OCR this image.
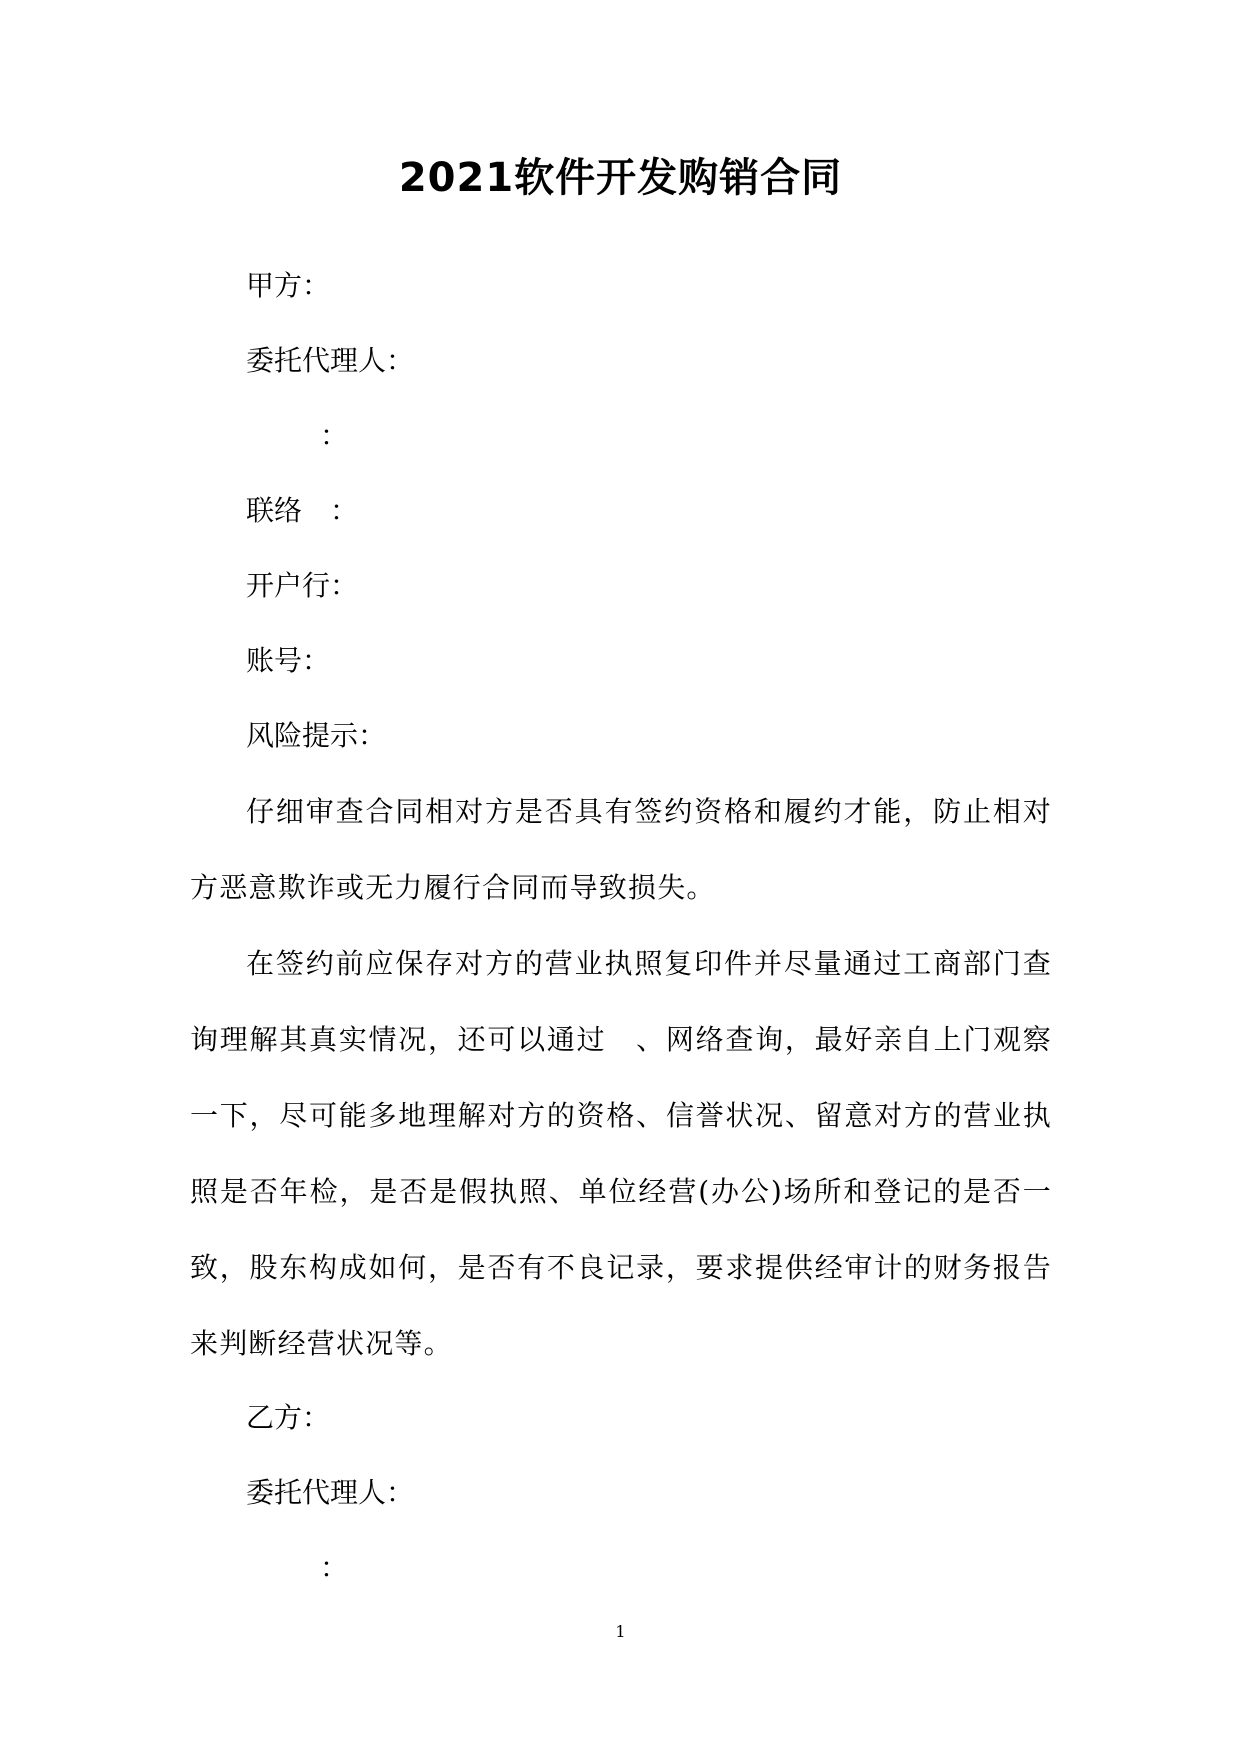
2021软件开发购销合同
甲方：
委托代理人：
：
联络　：
开户行：
账号：
风险提示：
仔细审查合同相对方是否具有签约资格和履约才能，防止相对方恶意欺诈或无力履行合同而导致损失。
在签约前应保存对方的营业执照复印件并尽量通过工商部门查询理解其真实情况，还可以通过　、网络查询，最好亲自上门观察一下，尽可能多地理解对方的资格、信誉状况、留意对方的营业执照是否年检，是否是假执照、单位经营(办公)场所和登记的是否一致，股东构成如何，是否有不良记录，要求提供经审计的财务报告来判断经营状况等。
乙方：
委托代理人：
：
1
